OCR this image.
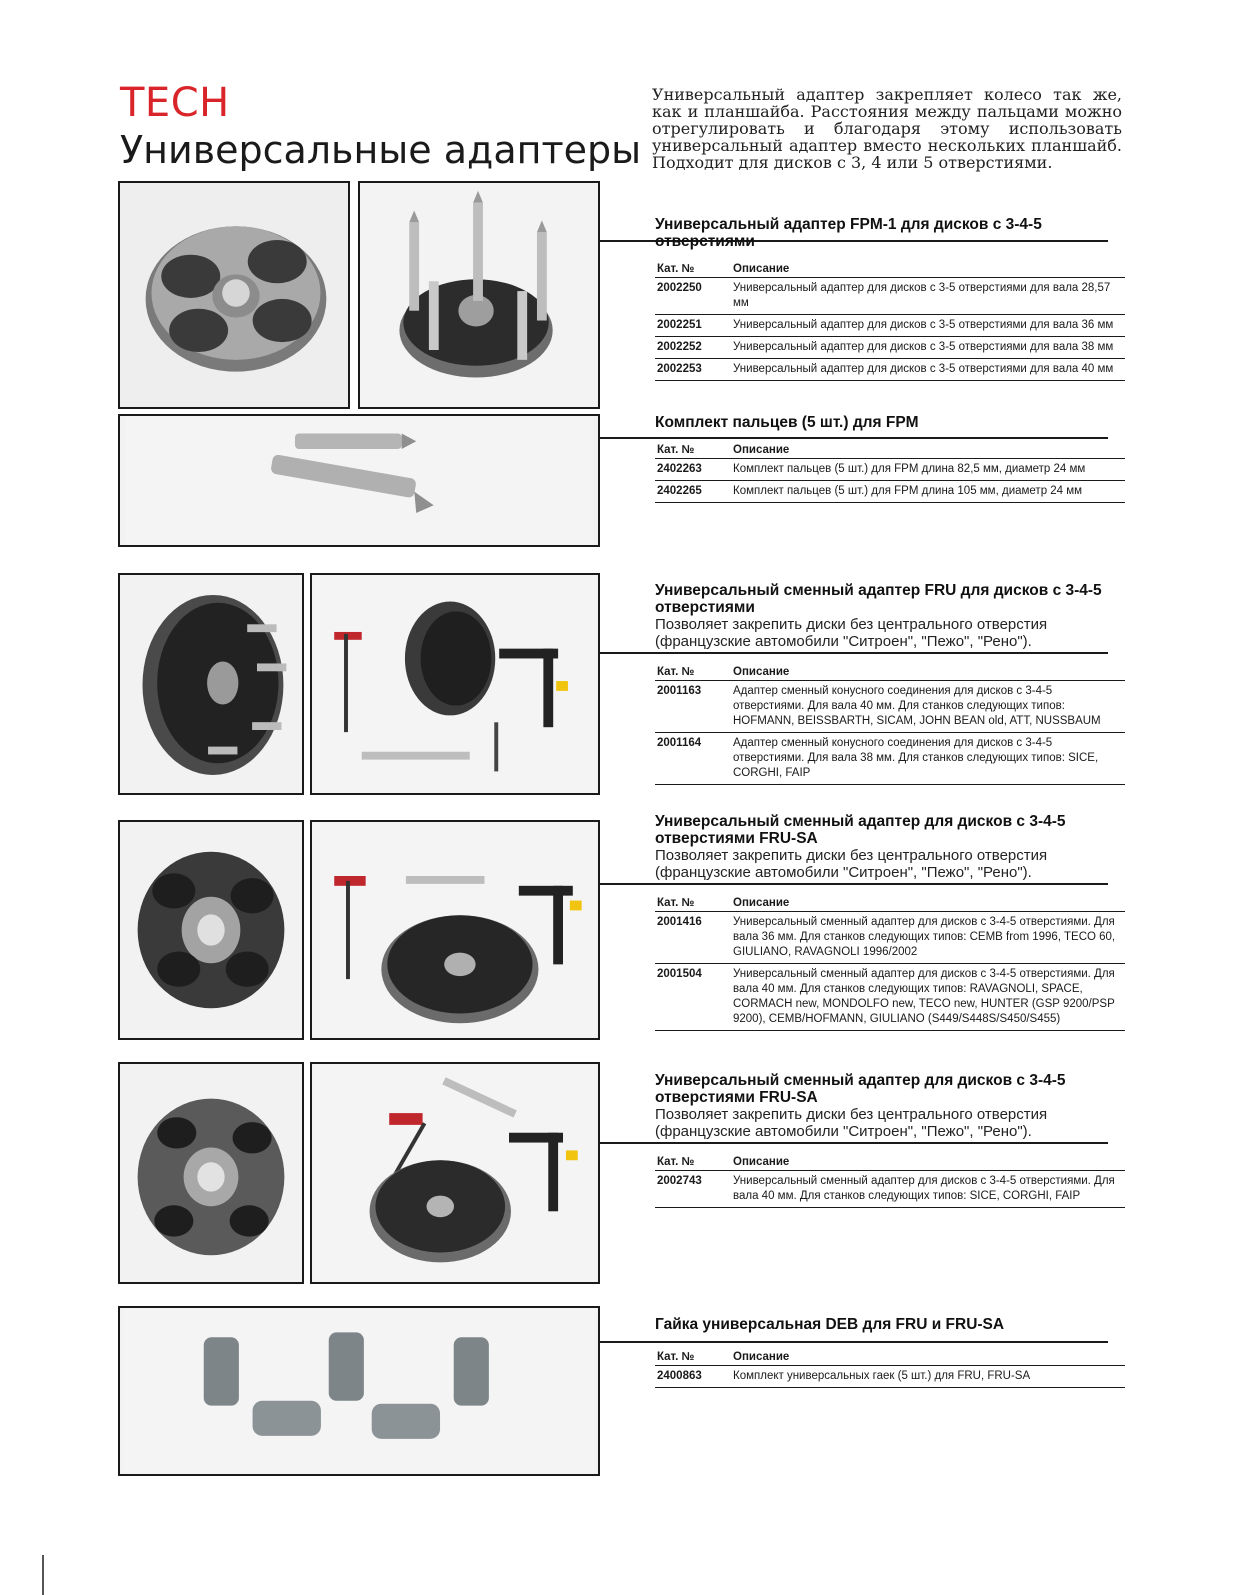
TECH
Универсальные адаптеры
Универсальный адаптер закрепляет колесо так же, как и планшайба. Расстояния между пальцами можно отрегулировать и благодаря этому использовать универсальный адаптер вместо нескольких планшайб. Подходит для дисков с 3, 4 или 5 отверстиями.
Универсальный адаптер FPM-1 для дисков с 3-4-5 отверстиями
Кат. №	Описание
2002250	Универсальный адаптер для дисков с 3-5 отверстиями для вала 28,57 мм
2002251	Универсальный адаптер для дисков с 3-5 отверстиями для вала 36 мм
2002252	Универсальный адаптер для дисков с 3-5 отверстиями для вала 38 мм
2002253	Универсальный адаптер для дисков с 3-5 отверстиями для вала 40 мм
Комплект пальцев (5 шт.) для FPM
Кат. №	Описание
2402263	Комплект пальцев (5 шт.) для FPM длина 82,5 мм, диаметр 24 мм
2402265	Комплект пальцев (5 шт.) для FPM длина 105 мм, диаметр 24 мм
Универсальный сменный адаптер FRU для дисков с 3-4-5 отверстиями
Позволяет закрепить диски без центрального отверстия (французские автомобили "Ситроен", "Пежо", "Рено").
Кат. №	Описание
2001163	Адаптер сменный конусного соединения для дисков с 3-4-5 отверстиями. Для вала 40 мм. Для станков следующих типов: HOFMANN, BEISSBARTH, SICAM, JOHN BEAN old, ATT, NUSSBAUM
2001164	Адаптер сменный конусного соединения для дисков с 3-4-5 отверстиями. Для вала 38 мм. Для станков следующих типов: SICE, CORGHI, FAIP
Универсальный сменный адаптер для дисков с 3-4-5 отверстиями FRU-SA
Позволяет закрепить диски без центрального отверстия (французские автомобили "Ситроен", "Пежо", "Рено").
Кат. №	Описание
2001416	Универсальный сменный адаптер для дисков с 3-4-5 отверстиями. Для вала 36 мм. Для станков следующих типов: CEMB from 1996, TECO 60, GIULIANO, RAVAGNOLI 1996/2002
2001504	Универсальный сменный адаптер для дисков с 3-4-5 отверстиями. Для вала 40 мм. Для станков следующих типов: RAVAGNOLI, SPACE, CORMACH new, MONDOLFO new, TECO new, HUNTER (GSP 9200/PSP 9200), CEMB/HOFMANN, GIULIANO (S449/S448S/S450/S455)
Универсальный сменный адаптер для дисков с 3-4-5 отверстиями FRU-SA
Позволяет закрепить диски без центрального отверстия (французские автомобили "Ситроен", "Пежо", "Рено").
Кат. №	Описание
2002743	Универсальный сменный адаптер для дисков с 3-4-5 отверстиями. Для вала 40 мм. Для станков следующих типов: SICE, CORGHI, FAIP
Гайка универсальная DEB для FRU и FRU-SA
Кат. №	Описание
2400863	Комплект универсальных гаек (5 шт.) для FRU, FRU-SA
